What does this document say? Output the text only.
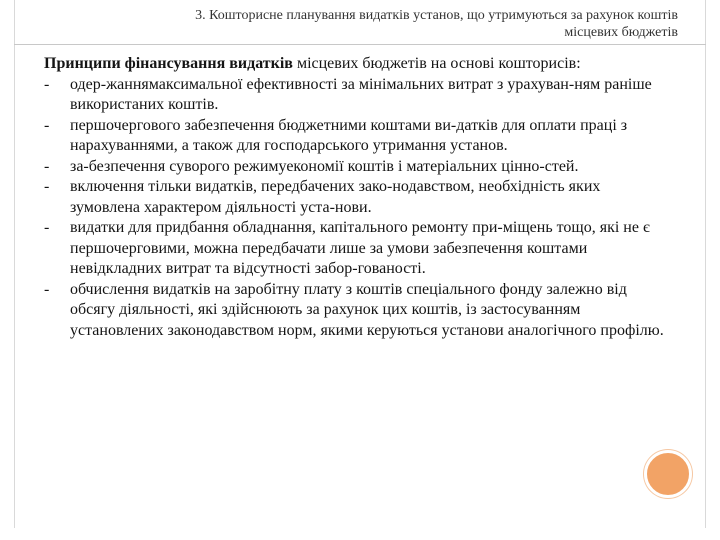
3. Кошторисне планування видатків установ, що утримуються за рахунок коштів
місцевих бюджетів

Принципи фінансування видатків місцевих бюджетів на основі кошторисів:

- одер-жаннямаксимальної ефективності за мінімальних витрат з урахуван-ням раніше використаних коштів.
- першочергового забезпечення бюджетними коштами ви-датків для оплати праці з нарахуваннями, а також для господарського утримання установ.
- за-безпечення суворого режимуекономії коштів і матеріальних цінно-стей.
- включення тільки видатків, передбачених зако-нодавством, необхідність яких зумовлена характером діяльності уста-нови.
- видатки для придбання обладнання, капітального ремонту при-міщень тощо, які не є першочерговими, можна передбачати лише за умови забезпечення коштами невідкладних витрат та відсутності забор-гованості.
- обчислення видатків на заробітну плату з коштів спеціального фонду залежно від обсягу діяльності, які здійснюють за рахунок цих коштів, із застосуванням установлених законодавством норм, якими керуються установи аналогічного профілю.
